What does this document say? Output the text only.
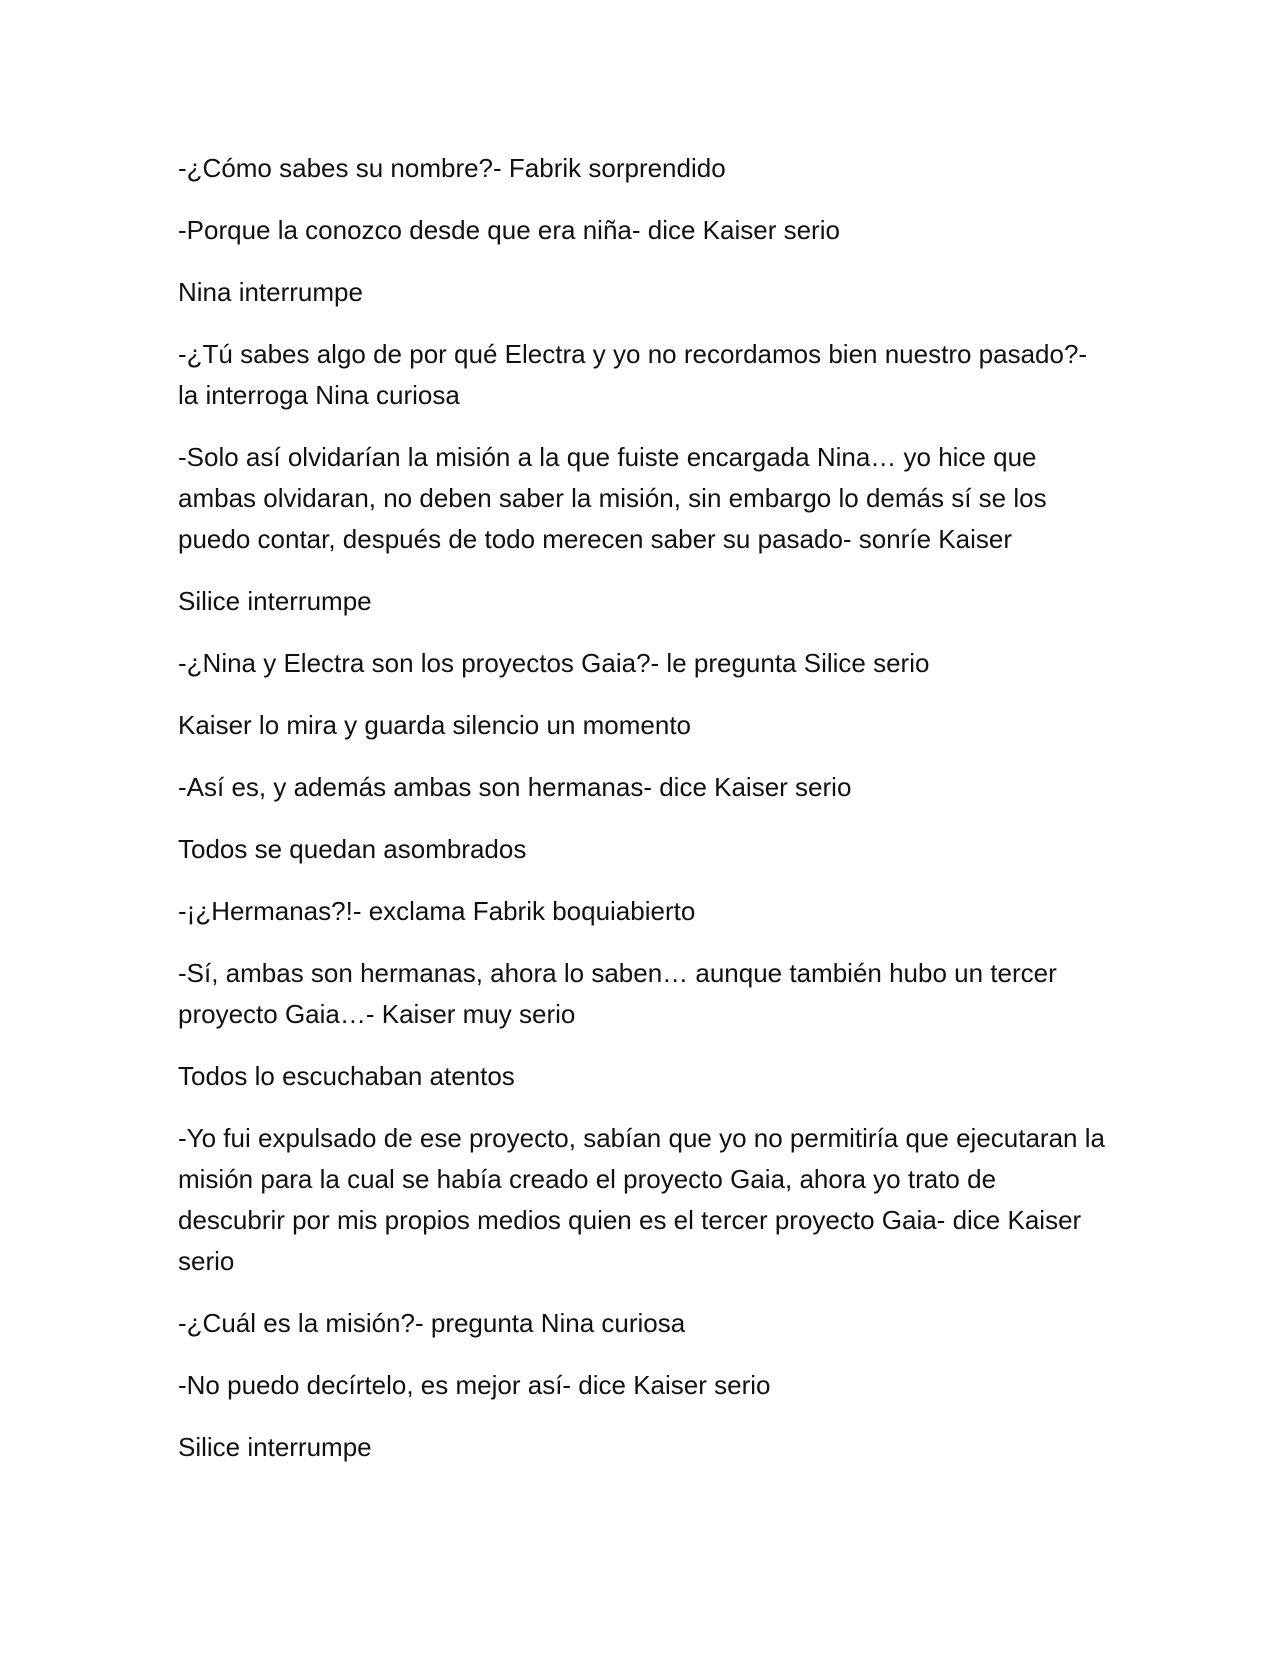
-¿Cómo sabes su nombre?- Fabrik sorprendido

-Porque la conozco desde que era niña- dice Kaiser serio

Nina interrumpe

-¿Tú sabes algo de por qué Electra y yo no recordamos bien nuestro pasado?- la interroga Nina curiosa

-Solo así olvidarían la misión a la que fuiste encargada Nina… yo hice que ambas olvidaran, no deben saber la misión, sin embargo lo demás sí se los puedo contar, después de todo merecen saber su pasado- sonríe Kaiser

Silice interrumpe

-¿Nina y Electra son los proyectos Gaia?- le pregunta Silice serio

Kaiser lo mira y guarda silencio un momento

-Así es, y además ambas son hermanas- dice Kaiser serio

Todos se quedan asombrados

-¡¿Hermanas?!- exclama Fabrik boquiabierto

-Sí, ambas son hermanas, ahora lo saben… aunque también hubo un tercer proyecto Gaia…- Kaiser muy serio

Todos lo escuchaban atentos

-Yo fui expulsado de ese proyecto, sabían que yo no permitiría que ejecutaran la misión para la cual se había creado el proyecto Gaia, ahora yo trato de descubrir por mis propios medios quien es el tercer proyecto Gaia- dice Kaiser serio

-¿Cuál es la misión?- pregunta Nina curiosa

-No puedo decírtelo, es mejor así- dice Kaiser serio

Silice interrumpe
